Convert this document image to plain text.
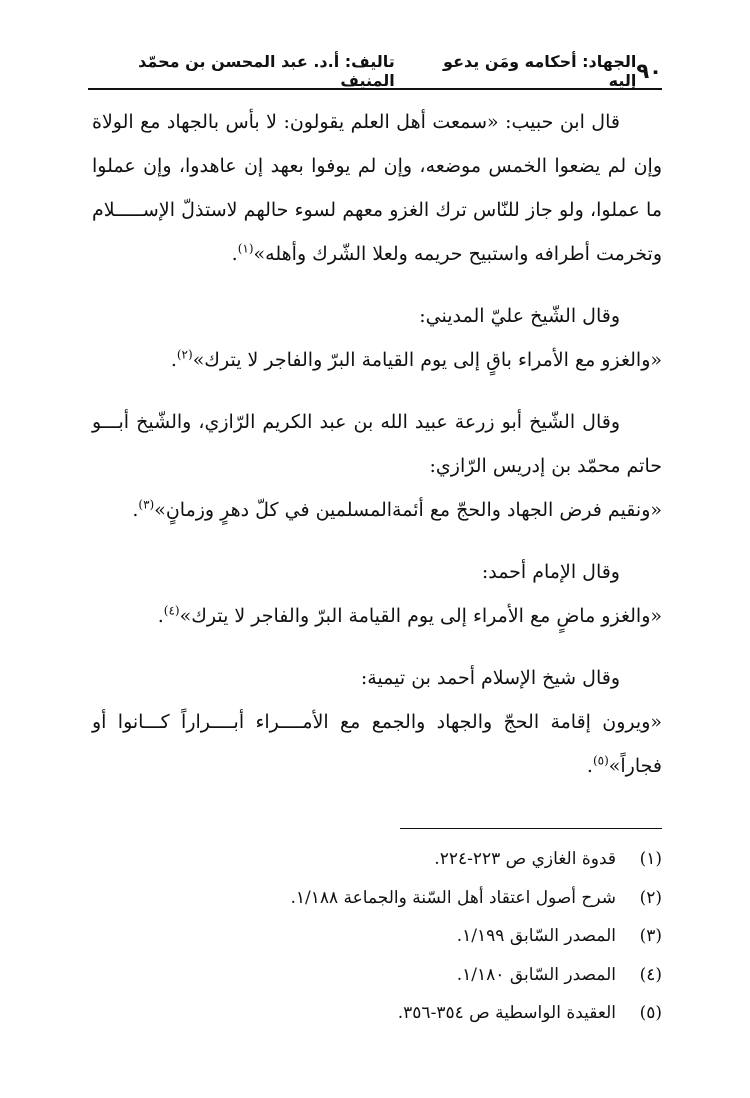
٩٠
الجهاد: أحكامه ومَن يدعو إليه
تاليف: أ.د. عبد المحسن بن محمّد المنيف

قال ابن حبيب: «سمعت أهل العلم يقولون: لا بأس بالجهاد مع الولاة وإن لم يضعوا الخمس موضعه، وإن لم يوفوا بعهد إن عاهدوا، وإن عملوا ما عملوا، ولو جاز للنّاس ترك الغزو معهم لسوء حالهم لاستذلّ الإســـــلام وتخرمت أطرافه واستبيح حريمه ولعلا الشّرك وأهله»$^{(١)}$.

وقال الشّيخ عليّ المديني:

«والغزو مع الأمراء باقٍ إلى يوم القيامة البرّ والفاجر لا يترك»$^{(٢)}$.

وقال الشّيخ أبو زرعة عبيد الله بن عبد الكريم الرّازي، والشّيخ أبـــو حاتم محمّد بن إدريس الرّازي:

«ونقيم فرض الجهاد والحجّ مع أئمةالمسلمين في كلّ دهرٍ وزمانٍ»$^{(٣)}$.

وقال الإمام أحمد:

«والغزو ماضٍ مع الأمراء إلى يوم القيامة البرّ والفاجر لا يترك»$^{(٤)}$.

وقال شيخ الإسلام أحمد بن تيمية:

«ويرون إقامة الحجّ والجهاد والجمع مع الأمــــراء أبــــراراً كـــانوا أو فجاراً»$^{(٥)}$.

(١)
قدوة الغازي ص ٢٢٣-٢٢٤.
(٢)
شرح أصول اعتقاد أهل السّنة والجماعة ١/١٨٨.
(٣)
المصدر السّابق ١/١٩٩.
(٤)
المصدر السّابق ١/١٨٠.
(٥)
العقيدة الواسطية ص ٣٥٤-٣٥٦.
